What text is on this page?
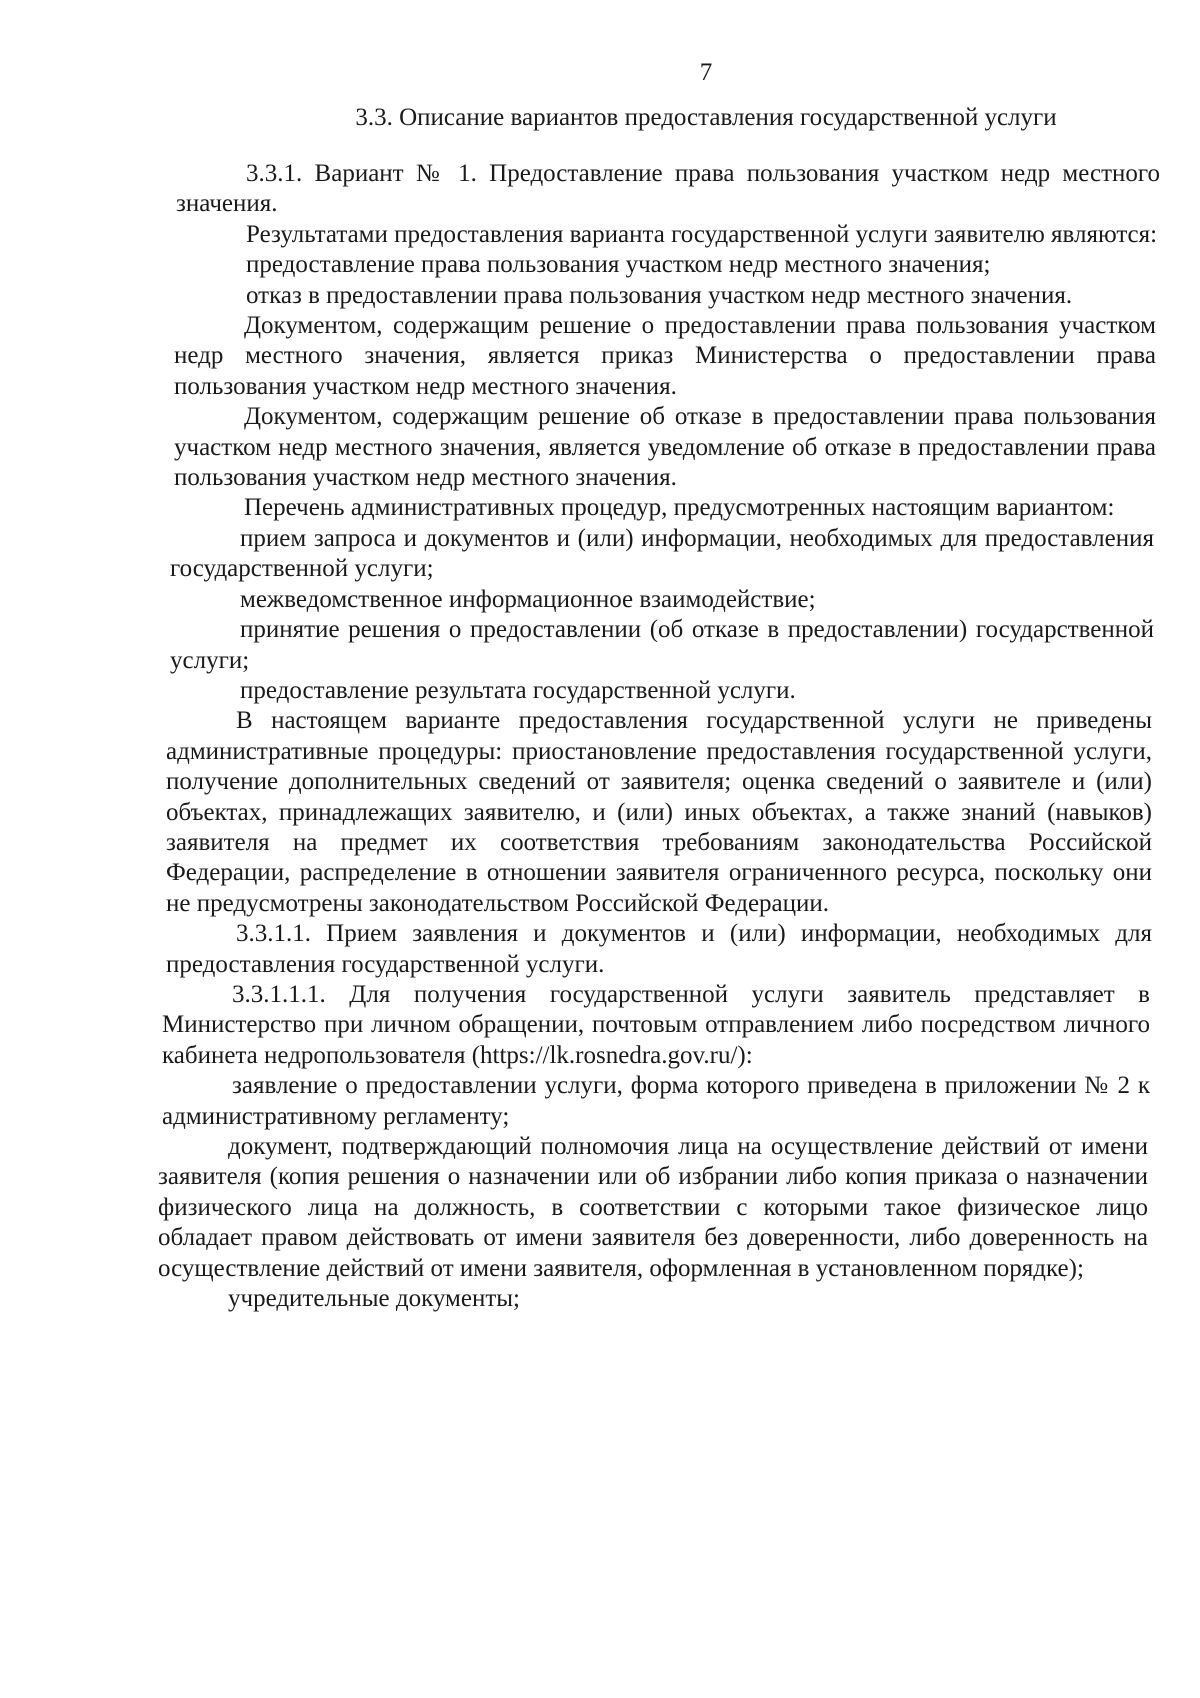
7
3.3. Описание вариантов предоставления государственной услуги

3.3.1. Вариант № 1. Предоставление права пользования участком недр местного значения.

Результатами предоставления варианта государственной услуги заявителю являются:

предоставление права пользования участком недр местного значения;

отказ в предоставлении права пользования участком недр местного значения.

Документом, содержащим решение о предоставлении права пользования участком недр местного значения, является приказ Министерства о предоставлении права пользования участком недр местного значения.

Документом, содержащим решение об отказе в предоставлении права пользования участком недр местного значения, является уведомление об отказе в предоставлении права пользования участком недр местного значения.

Перечень административных процедур, предусмотренных настоящим вариантом:

прием запроса и документов и (или) информации, необходимых для предоставления государственной услуги;

межведомственное информационное взаимодействие;

принятие решения о предоставлении (об отказе в предоставлении) государственной услуги;

предоставление результата государственной услуги.

В настоящем варианте предоставления государственной услуги не приведены административные процедуры: приостановление предоставления государственной услуги, получение дополнительных сведений от заявителя; оценка сведений о заявителе и (или) объектах, принадлежащих заявителю, и (или) иных объектах, а также знаний (навыков) заявителя на предмет их соответствия требованиям законодательства Российской Федерации, распределение в отношении заявителя ограниченного ресурса, поскольку они не предусмотрены законодательством Российской Федерации.

3.3.1.1. Прием заявления и документов и (или) информации, необходимых для предоставления государственной услуги.

3.3.1.1.1. Для получения государственной услуги заявитель представляет в Министерство при личном обращении, почтовым отправлением либо посредством личного кабинета недропользователя (https://lk.rosnedra.gov.ru/):

заявление о предоставлении услуги, форма которого приведена в приложении № 2 к административному регламенту;

документ, подтверждающий полномочия лица на осуществление действий от имени заявителя (копия решения о назначении или об избрании либо копия приказа о назначении физического лица на должность, в соответствии с которыми такое физическое лицо обладает правом действовать от имени заявителя без доверенности, либо доверенность на осуществление действий от имени заявителя, оформленная в установленном порядке);

учредительные документы;
